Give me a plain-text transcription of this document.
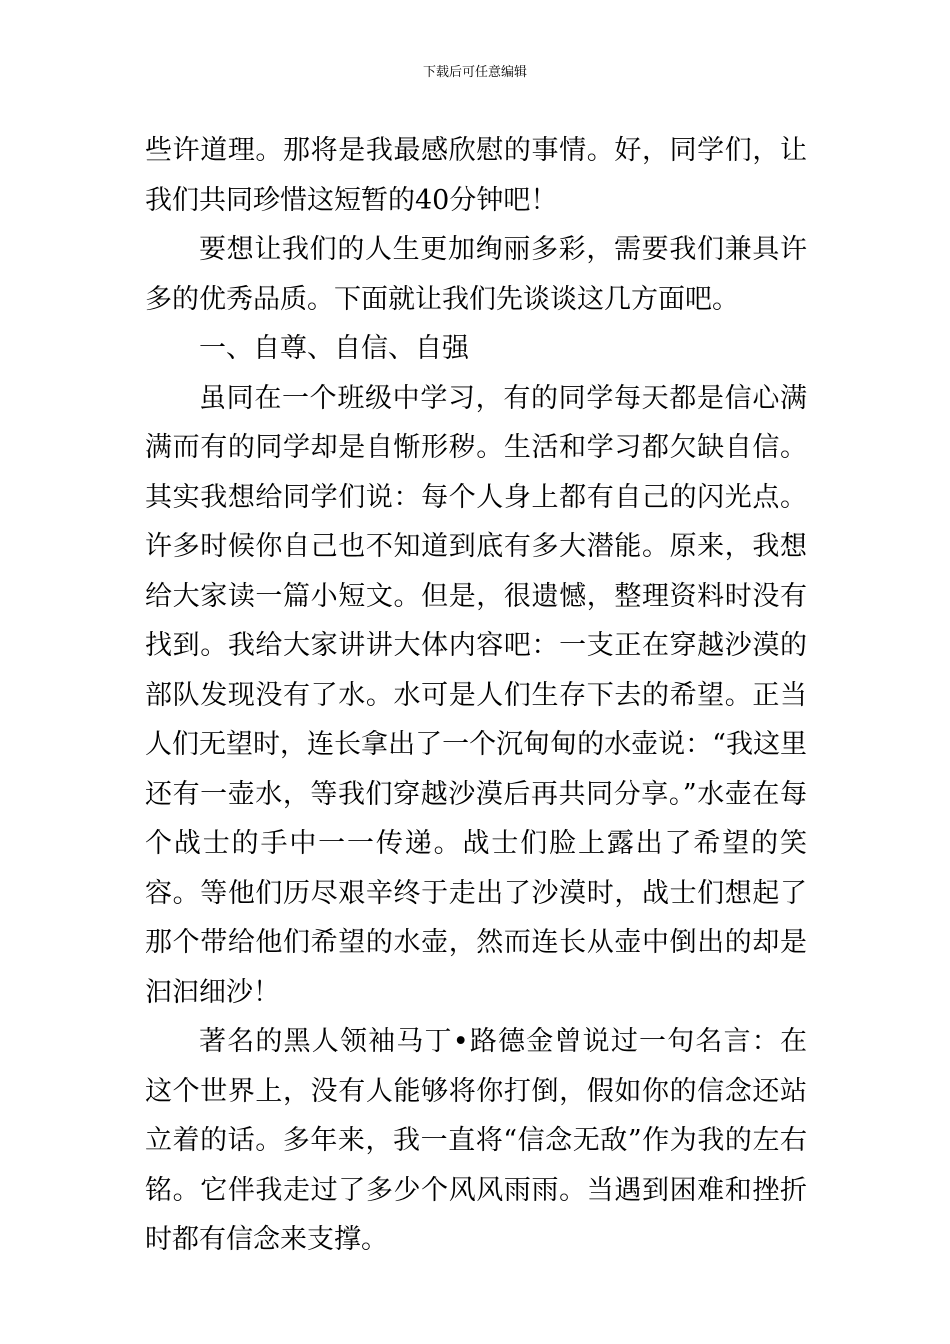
下载后可任意编辑

些许道理。那将是我最感欣慰的事情。好，同学们，让我们共同珍惜这短暂的40分钟吧！

要想让我们的人生更加绚丽多彩，需要我们兼具许多的优秀品质。下面就让我们先谈谈这几方面吧。

一、自尊、自信、自强

虽同在一个班级中学习，有的同学每天都是信心满满而有的同学却是自惭形秽。生活和学习都欠缺自信。其实我想给同学们说：每个人身上都有自己的闪光点。许多时候你自己也不知道到底有多大潜能。原来，我想给大家读一篇小短文。但是，很遗憾，整理资料时没有找到。我给大家讲讲大体内容吧：一支正在穿越沙漠的部队发现没有了水。水可是人们生存下去的希望。正当人们无望时，连长拿出了一个沉甸甸的水壶说：“我这里还有一壶水，等我们穿越沙漠后再共同分享。”水壶在每个战士的手中一一传递。战士们脸上露出了希望的笑容。等他们历尽艰辛终于走出了沙漠时，战士们想起了那个带给他们希望的水壶，然而连长从壶中倒出的却是汩汩细沙！

著名的黑人领袖马丁•路德金曾说过一句名言：在这个世界上，没有人能够将你打倒，假如你的信念还站立着的话。多年来，我一直将“信念无敌”作为我的左右铭。它伴我走过了多少个风风雨雨。当遇到困难和挫折时都有信念来支撑。
